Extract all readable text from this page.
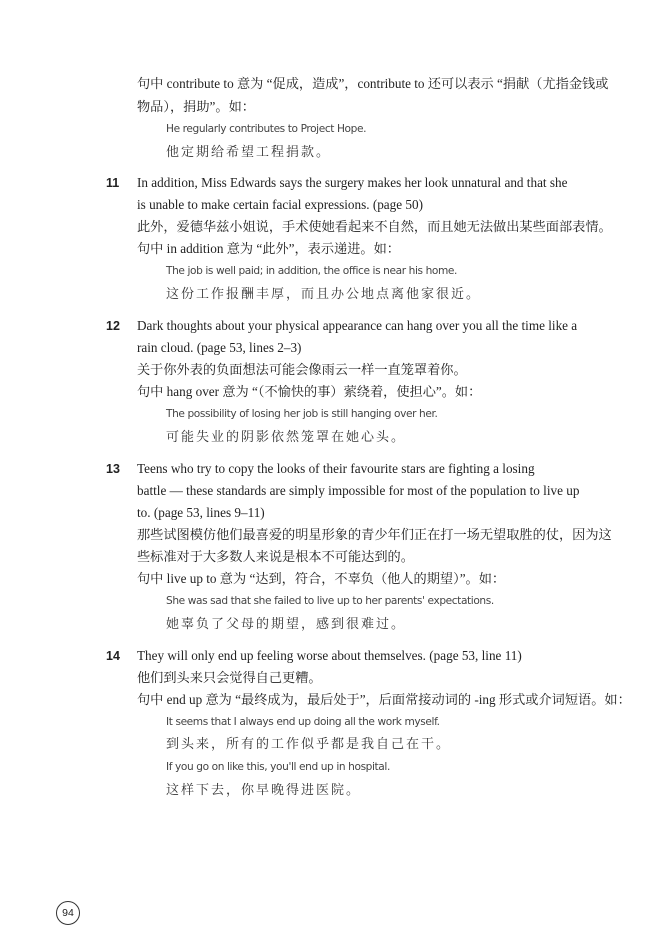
句中 contribute to 意为 “促成，造成”，contribute to 还可以表示 “捐献（尤指金钱或
物品），捐助”。如：
He regularly contributes to Project Hope.
他定期给希望工程捐款。
11 In addition, Miss Edwards says the surgery makes her look unnatural and that she
is unable to make certain facial expressions. (page 50)
此外，爱德华兹小姐说，手术使她看起来不自然，而且她无法做出某些面部表情。
句中 in addition 意为 “此外”，表示递进。如：
The job is well paid; in addition, the office is near his home.
这份工作报酬丰厚，而且办公地点离他家很近。
12 Dark thoughts about your physical appearance can hang over you all the time like a
rain cloud. (page 53, lines 2–3)
关于你外表的负面想法可能会像雨云一样一直笼罩着你。
句中 hang over 意为 “（不愉快的事）萦绕着，使担心”。如：
The possibility of losing her job is still hanging over her.
可能失业的阴影依然笼罩在她心头。
13 Teens who try to copy the looks of their favourite stars are fighting a losing
battle — these standards are simply impossible for most of the population to live up
to. (page 53, lines 9–11)
那些试图模仿他们最喜爱的明星形象的青少年们正在打一场无望取胜的仗，因为这
些标准对于大多数人来说是根本不可能达到的。
句中 live up to 意为 “达到，符合，不辜负（他人的期望）”。如：
She was sad that she failed to live up to her parents' expectations.
她辜负了父母的期望，感到很难过。
14 They will only end up feeling worse about themselves. (page 53, line 11)
他们到头来只会觉得自己更糟。
句中 end up 意为 “最终成为，最后处于”，后面常接动词的 -ing 形式或介词短语。如：
It seems that I always end up doing all the work myself.
到头来，所有的工作似乎都是我自己在干。
If you go on like this, you'll end up in hospital.
这样下去，你早晚得进医院。
94
